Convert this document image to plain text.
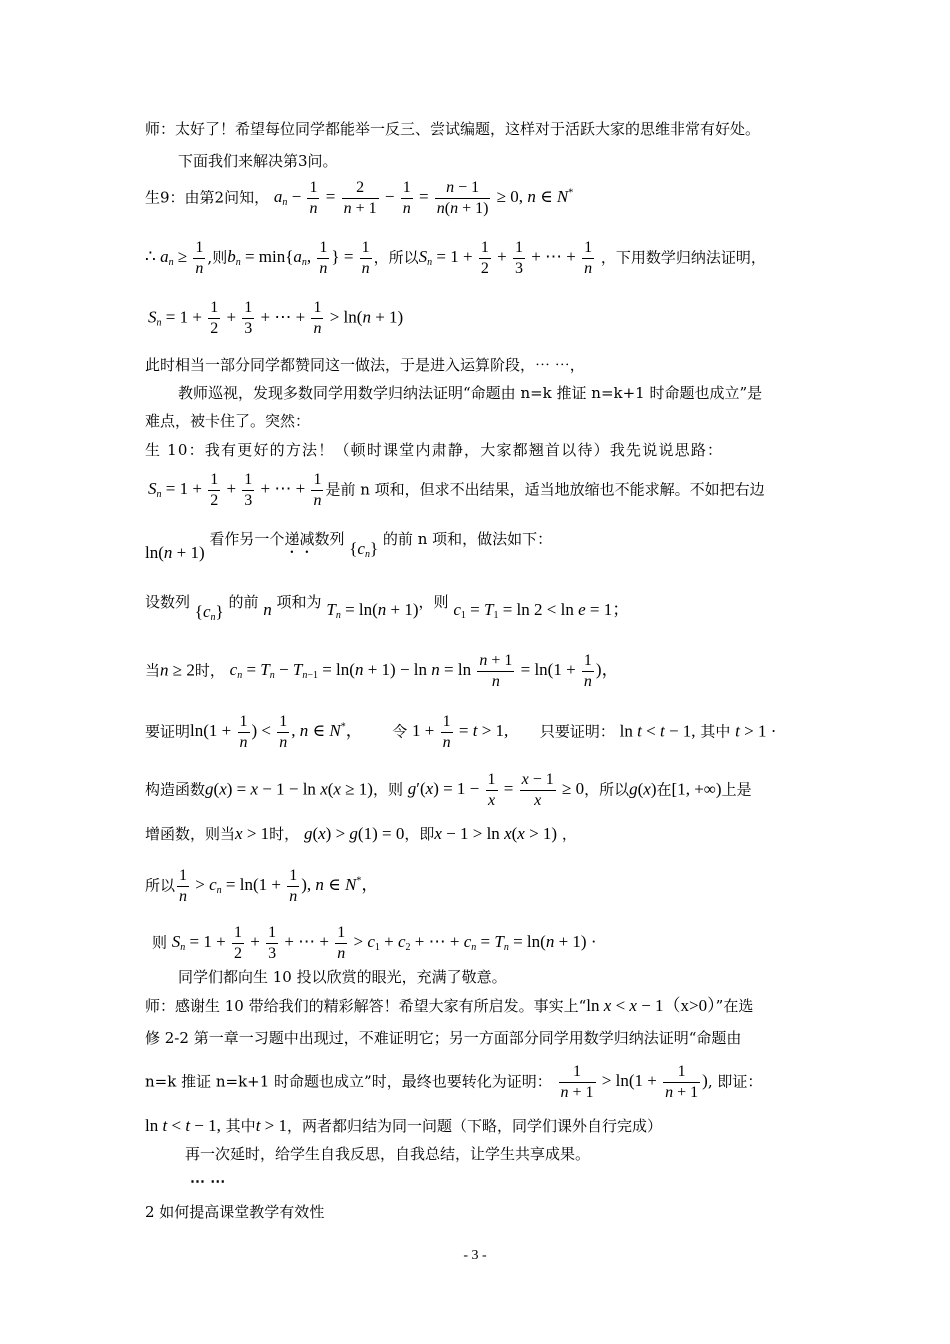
师：太好了！希望每位同学都能举一反三、尝试编题，这样对于活跃大家的思维非常有好处。
下面我们来解决第3问。
生9：由第2问知， $a_n - \frac{1}{n} = \frac{2}{n + 1} - \frac{1}{n} = \frac{n - 1}{n(n + 1)} \ge 0$, n ∈ N*
∴ $a_n \ge \frac{1}{n}$ ,则$b_n = \min\{a_n$, $\frac{1}{n}$ } = $\frac{1}{n}$ ，所以$S_n = 1 + \frac{1}{2} + \frac{1}{3}$ + ⋯ + $\frac{1}{n}$ ，下用数学归纳法证明，
$S_n = 1 + \frac{1}{2} + \frac{1}{3}$ + ⋯ + $\frac{1}{n} > \ln(n + 1)$
此时相当一部分同学都赞同这一做法，于是进入运算阶段，⋯ ⋯，
教师巡视，发现多数同学用数学归纳法证明“命题由 n=k 推证 n=k+1 时命题也成立”是
难点，被卡住了。突然：
生 10：我有更好的方法！（顿时课堂内肃静，大家都翘首以待）我先说说思路：
$S_n = 1 + \frac{1}{2} + \frac{1}{3}$ + ⋯ + $\frac{1}{n}$ 是前 n 项和，但求不出结果，适当地放缩也不能求解。不如把右边
ln(n + 1) 看作另一个递减数列 $\{c_n\}$ 的前 n 项和，做法如下：
设数列 $\{c_n\}$ 的前 n 项和为 $T_n = \ln(n + 1)$，则 $c_1 = T_1 = \ln 2 < \ln e = 1$；
当n ≥ 2时， $c_n = T_n - T_{n-1} = \ln(n + 1) - \ln n = \ln \frac{n + 1}{n} = \ln(1 + \frac{1}{n}$ )，
要证明$\ln(1 + \frac{1}{n}$ ) < $\frac{1}{n}$ , n ∈ N*， 令 $1 + \frac{1}{n} = t > 1$, 只要证明： ln t < t − 1, 其中 t > 1 ·
构造函数g(x) = x − 1 − ln x(x ≥ 1)，则 $g'(x) = 1 - \frac{1}{x} = \frac{x - 1}{x} \ge 0$，所以g(x)在[1, +∞)上是
增函数，则当x > 1时， g(x) > g(1) = 0，即x − 1 > ln x(x > 1) ，
所以 $\frac{1}{n} > c_n = \ln(1 + \frac{1}{n}$ ), n ∈ N*，
则 $S_n = 1 + \frac{1}{2} + \frac{1}{3}$ + ⋯ + $\frac{1}{n} > c_1 + c_2$ + ⋯ + $c_n = T_n = \ln(n + 1)$ ·
同学们都向生 10 投以欣赏的眼光，充满了敬意。
师：感谢生 10 带给我们的精彩解答！希望大家有所启发。事实上“ln x < x − 1（x>0）”在选
修 2-2 第一章一习题中出现过，不难证明它；另一方面部分同学用数学归纳法证明“命题由
n=k 推证 n=k+1 时命题也成立”时，最终也要转化为证明： $\frac{1}{n + 1} > \ln(1 + \frac{1}{n + 1}$ ), 即证：
ln t < t − 1, 其中t > 1，两者都归结为同一问题（下略，同学们课外自行完成）
再一次延时，给学生自我反思，自我总结，让学生共享成果。
⋯ ⋯
2 如何提高课堂教学有效性
- 3 -
